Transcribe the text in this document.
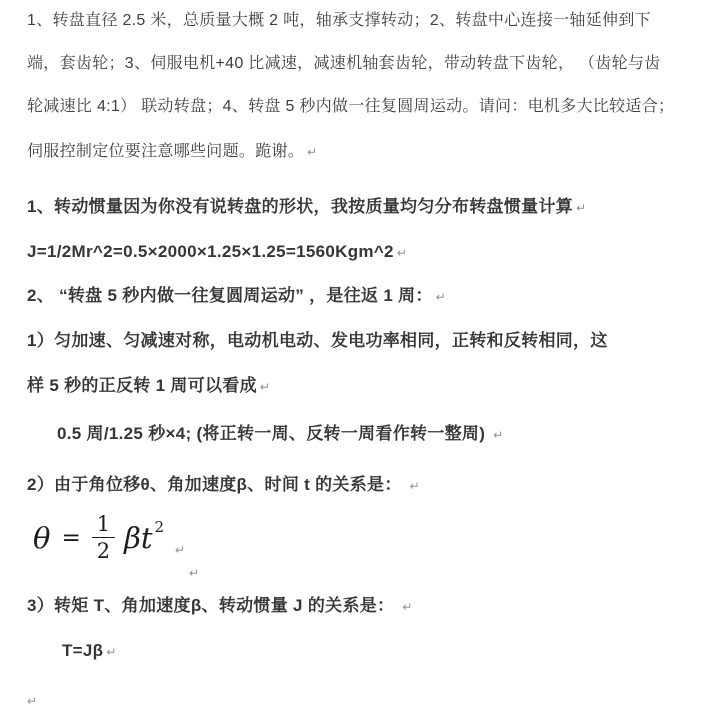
1、转盘直径 2.5 米，总质量大概 2 吨，轴承支撑转动；2、转盘中心连接一轴延伸到下
端，套齿轮；3、伺服电机+40 比减速，减速机轴套齿轮，带动转盘下齿轮， （齿轮与齿
轮减速比 4:1） 联动转盘；4、转盘 5 秒内做一往复圆周运动。请问：电机多大比较适合；
伺服控制定位要注意哪些问题。跪谢。 ↵
1、转动惯量因为你没有说转盘的形状，我按质量均匀分布转盘惯量计算 ↵
J=1/2Mr^2=0.5×2000×1.25×1.25=1560Kgm^2 ↵
2、 “转盘 5 秒内做一往复圆周运动” ，是往返 1 周： ↵
1）匀加速、匀减速对称，电动机电动、发电功率相同，正转和反转相同，这
样 5 秒的正反转 1 周可以看成 ↵
0.5 周/1.25 秒×4; (将正转一周、反转一周看作转一整周) ↵
2）由于角位移θ、角加速度β、时间 t 的关系是： ↵
$\theta = \frac{1}{2}$ βt 2
↵
↵
3）转矩 T、角加速度β、转动惯量 J 的关系是： ↵
T=Jβ ↵
↵
